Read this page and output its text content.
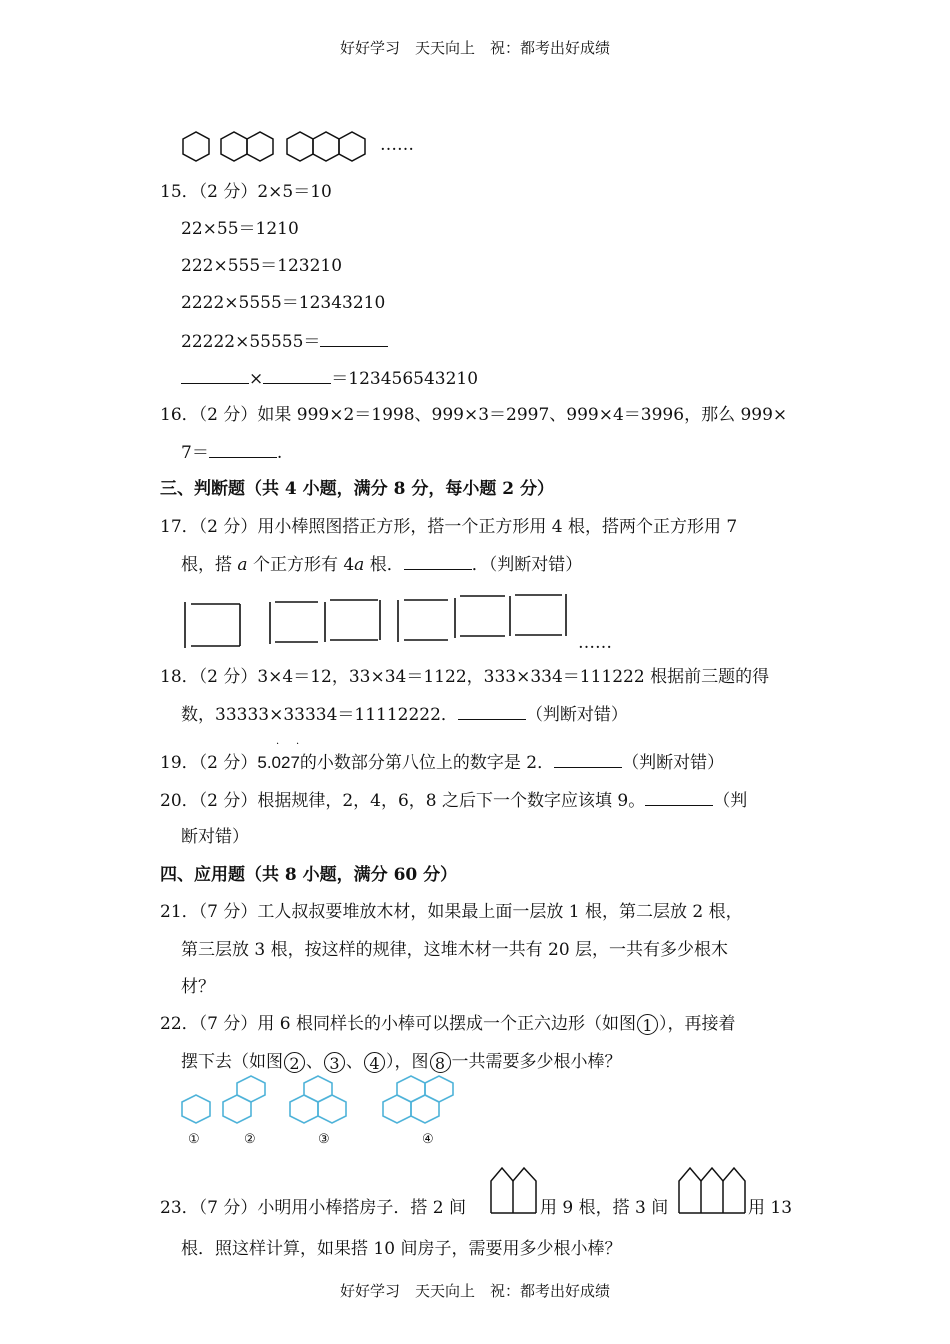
好好学习　天天向上　祝：都考出好成绩
……
15．（2 分）2×5＝10
22×55＝1210
222×555＝123210
2222×5555＝12343210
22222×55555＝
×	＝123456543210
16．（2 分）如果 999×2＝1998、999×3＝2997、999×4＝3996，那么 999×
7＝	.
三、判断题（共 4 小题，满分 8 分，每小题 2 分）
17．（2 分）用小棒照图搭正方形，搭一个正方形用 4 根，搭两个正方形用 7
根，搭 a 个正方形有 4a 根．	．（判断对错）
……
18．（2 分）3×4＝12，33×34＝1122，333×334＝111222 根据前三题的得
数，33333×33334＝11112222．	（判断对错）
· ·
19．（2 分）5.027的小数部分第八位上的数字是 2．	（判断对错）
20．（2 分）根据规律，2，4，6，8 之后下一个数字应该填 9。	（判
断对错）
四、应用题（共 8 小题，满分 60 分）
21．（7 分）工人叔叔要堆放木材，如果最上面一层放 1 根，第二层放 2 根，
第三层放 3 根，按这样的规律，这堆木材一共有 20 层，一共有多少根木
材？
22．（7 分）用 6 根同样长的小棒可以摆成一个正六边形（如图 1 ），再接着
摆下去（如图 2 、 3 、 4 ），图 8 一共需要多少根小棒？
①	②	③	④
23．（7 分）小明用小棒搭房子．搭 2 间	用 9 根，搭 3 间	用 13
根．照这样计算，如果搭 10 间房子，需要用多少根小棒？
好好学习　天天向上　祝：都考出好成绩
